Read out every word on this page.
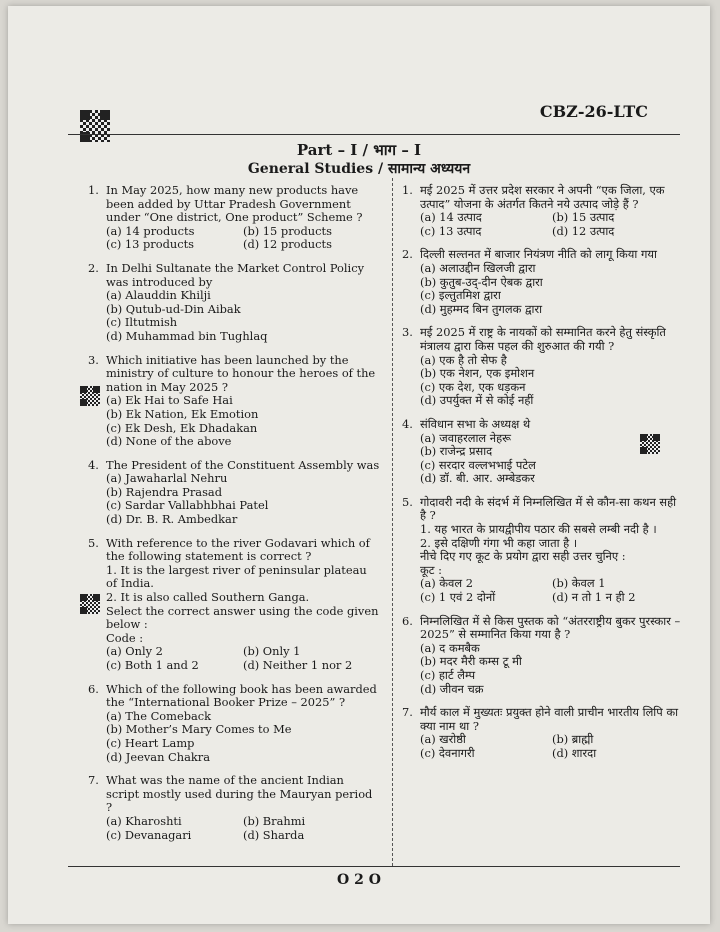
CBZ-26-LTC
Part – I / भाग – I
General Studies / सामान्य अध्ययन
1. In May 2025, how many new products have been added by Uttar Pradesh Government under “One district, One product” Scheme ?
(a) 14 products	(b) 15 products
(c) 13 products	(d) 12 products
2. In Delhi Sultanate the Market Control Policy was introduced by
(a) Alauddin Khilji
(b) Qutub-ud-Din Aibak
(c) Iltutmish
(d) Muhammad bin Tughlaq
3. Which initiative has been launched by the ministry of culture to honour the heroes of the nation in May 2025 ?
(a) Ek Hai to Safe Hai
(b) Ek Nation, Ek Emotion
(c) Ek Desh, Ek Dhadakan
(d) None of the above
4. The President of the Constituent Assembly was
(a) Jawaharlal Nehru
(b) Rajendra Prasad
(c) Sardar Vallabhbhai Patel
(d) Dr. B. R. Ambedkar
5. With reference to the river Godavari which of the following statement is correct ?
1. It is the largest river of peninsular plateau of India.
2. It is also called Southern Ganga.
Select the correct answer using the code given below :
Code :
(a) Only 2	(b) Only 1
(c) Both 1 and 2	(d) Neither 1 nor 2
6. Which of the following book has been awarded the “International Booker Prize – 2025” ?
(a) The Comeback
(b) Mother’s Mary Comes to Me
(c) Heart Lamp
(d) Jeevan Chakra
7. What was the name of the ancient Indian script mostly used during the Mauryan period ?
(a) Kharoshti	(b) Brahmi
(c) Devanagari	(d) Sharda
1. मई 2025 में उत्तर प्रदेश सरकार ने अपनी “एक जिला, एक उत्पाद” योजना के अंतर्गत कितने नये उत्पाद जोड़े हैं ?
(a) 14 उत्पाद	(b) 15 उत्पाद
(c) 13 उत्पाद	(d) 12 उत्पाद
2. दिल्ली सल्तनत में बाजार नियंत्रण नीति को लागू किया गया
(a) अलाउद्दीन खिलजी द्वारा
(b) कुतुब-उद्-दीन ऐबक द्वारा
(c) इल्तुतमिश द्वारा
(d) मुहम्मद बिन तुगलक द्वारा
3. मई 2025 में राष्ट्र के नायकों को सम्मानित करने हेतु संस्कृति मंत्रालय द्वारा किस पहल की शुरुआत की गयी ?
(a) एक है तो सेफ है
(b) एक नेशन, एक इमोशन
(c) एक देश, एक धड़कन
(d) उपर्युक्त में से कोई नहीं
4. संविधान सभा के अध्यक्ष थे
(a) जवाहरलाल नेहरू
(b) राजेन्द्र प्रसाद
(c) सरदार वल्लभभाई पटेल
(d) डॉ. बी. आर. अम्बेडकर
5. गोदावरी नदी के संदर्भ में निम्नलिखित में से कौन-सा कथन सही है ?
1. यह भारत के प्रायद्वीपीय पठार की सबसे लम्बी नदी है ।
2. इसे दक्षिणी गंगा भी कहा जाता है ।
नीचे दिए गए कूट के प्रयोग द्वारा सही उत्तर चुनिए :
कूट :
(a) केवल 2	(b) केवल 1
(c) 1 एवं 2 दोनों	(d) न तो 1 न ही 2
6. निम्नलिखित में से किस पुस्तक को “अंतरराष्ट्रीय बुकर पुरस्कार – 2025” से सम्मानित किया गया है ?
(a) द कमबैक
(b) मदर मैरी कम्स टू मी
(c) हार्ट लैम्प
(d) जीवन चक्र
7. मौर्य काल में मुख्यतः प्रयुक्त होने वाली प्राचीन भारतीय लिपि का क्या नाम था ?
(a) खरोष्ठी	(b) ब्राह्मी
(c) देवनागरी	(d) शारदा
O 2 O
